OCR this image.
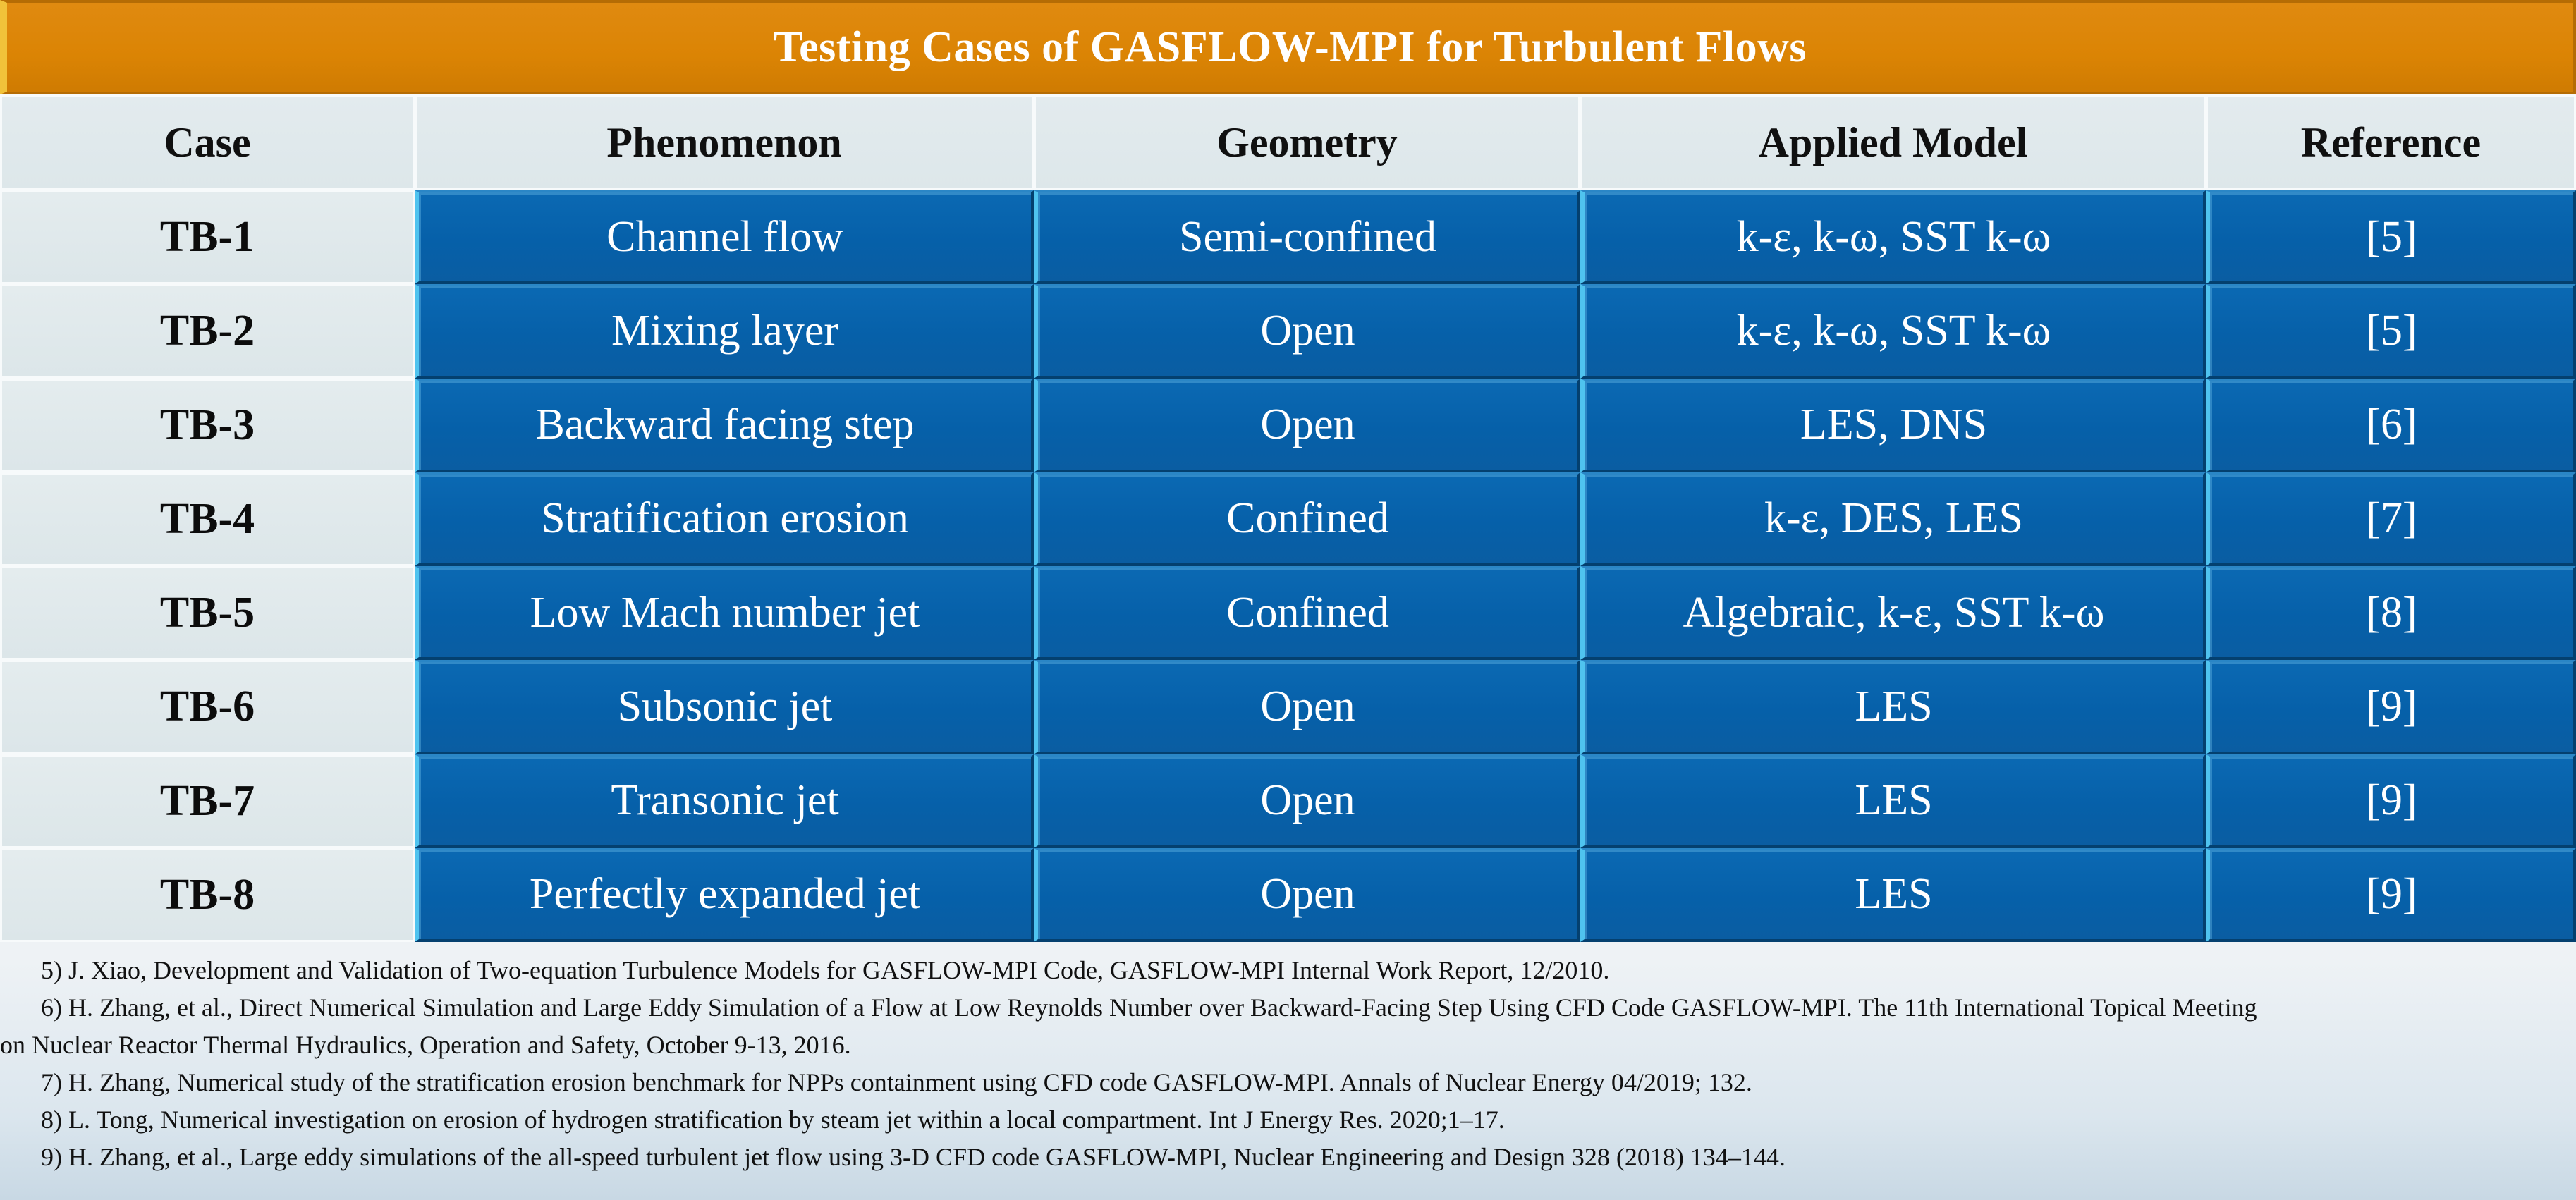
Testing Cases of GASFLOW-MPI for Turbulent Flows
Case	Phenomenon	Geometry	Applied Model	Reference
TB-1	Channel flow	Semi-confined	k-ε, k-ω, SST k-ω	[5]
TB-2	Mixing layer	Open	k-ε, k-ω, SST k-ω	[5]
TB-3	Backward facing step	Open	LES, DNS	[6]
TB-4	Stratification erosion	Confined	k-ε, DES, LES	[7]
TB-5	Low Mach number jet	Confined	Algebraic, k-ε, SST k-ω	[8]
TB-6	Subsonic jet	Open	LES	[9]
TB-7	Transonic jet	Open	LES	[9]
TB-8	Perfectly expanded jet	Open	LES	[9]
5) J. Xiao, Development and Validation of Two-equation Turbulence Models for GASFLOW-MPI Code, GASFLOW-MPI Internal Work Report, 12/2010.
6) H. Zhang, et al., Direct Numerical Simulation and Large Eddy Simulation of a Flow at Low Reynolds Number over Backward-Facing Step Using CFD Code GASFLOW-MPI. The 11th International Topical Meeting
on Nuclear Reactor Thermal Hydraulics, Operation and Safety, October 9-13, 2016.
7) H. Zhang, Numerical study of the stratification erosion benchmark for NPPs containment using CFD code GASFLOW-MPI. Annals of Nuclear Energy 04/2019; 132.
8) L. Tong, Numerical investigation on erosion of hydrogen stratification by steam jet within a local compartment. Int J Energy Res. 2020;1–17.
9) H. Zhang, et al., Large eddy simulations of the all-speed turbulent jet flow using 3-D CFD code GASFLOW-MPI, Nuclear Engineering and Design 328 (2018) 134–144.
